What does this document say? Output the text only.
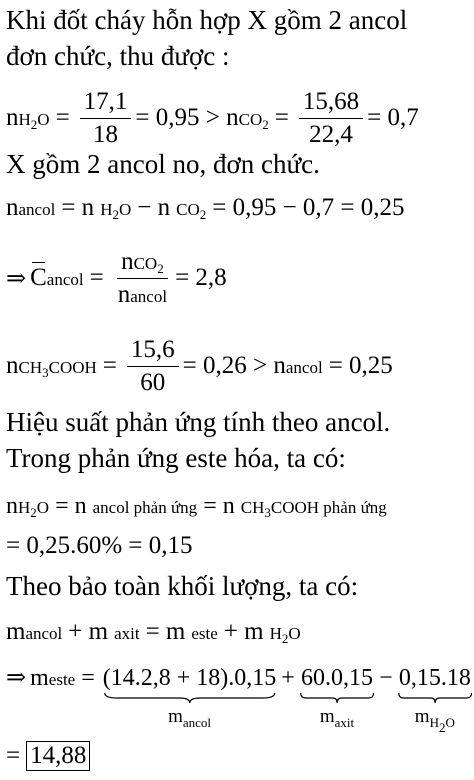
Khi đốt cháy hỗn hợp X gồm 2 ancol
đơn chức, thu được :
n $H_2O = \frac{17,1}{18} = 0,95 > n$ $CO_2 = \frac{15,68}{22,4} = 0,7$
X gồm 2 ancol no, đơn chức.
n ancol = n $H_2O - n$ $CO_2 = 0,95 - 0,7 = 0,25$
⇒ C ancol = $\frac{n CO_2}{\text{n ancol}} = 2,8$
n $CH_3COOH = \frac{15,6}{60} = 0,26 > n$ ancol = 0,25
Hiệu suất phản ứng tính theo ancol.
Trong phản ứng este hóa, ta có:
n $H_2O = n$ ancol phản ứng = n $CH_3COOH$ phản ứng
= 0,25.60% = 0,15
Theo bảo toàn khối lượng, ta có:
m ancol + m axit = m este + m $H_2O$
⇒ m este = (14.2,8 + 18).0,15
$m_{ancol}$
+ 60.0,15
$m_{axit}$
− 0,15.18
$m_{H_2O}$
= 14,88
